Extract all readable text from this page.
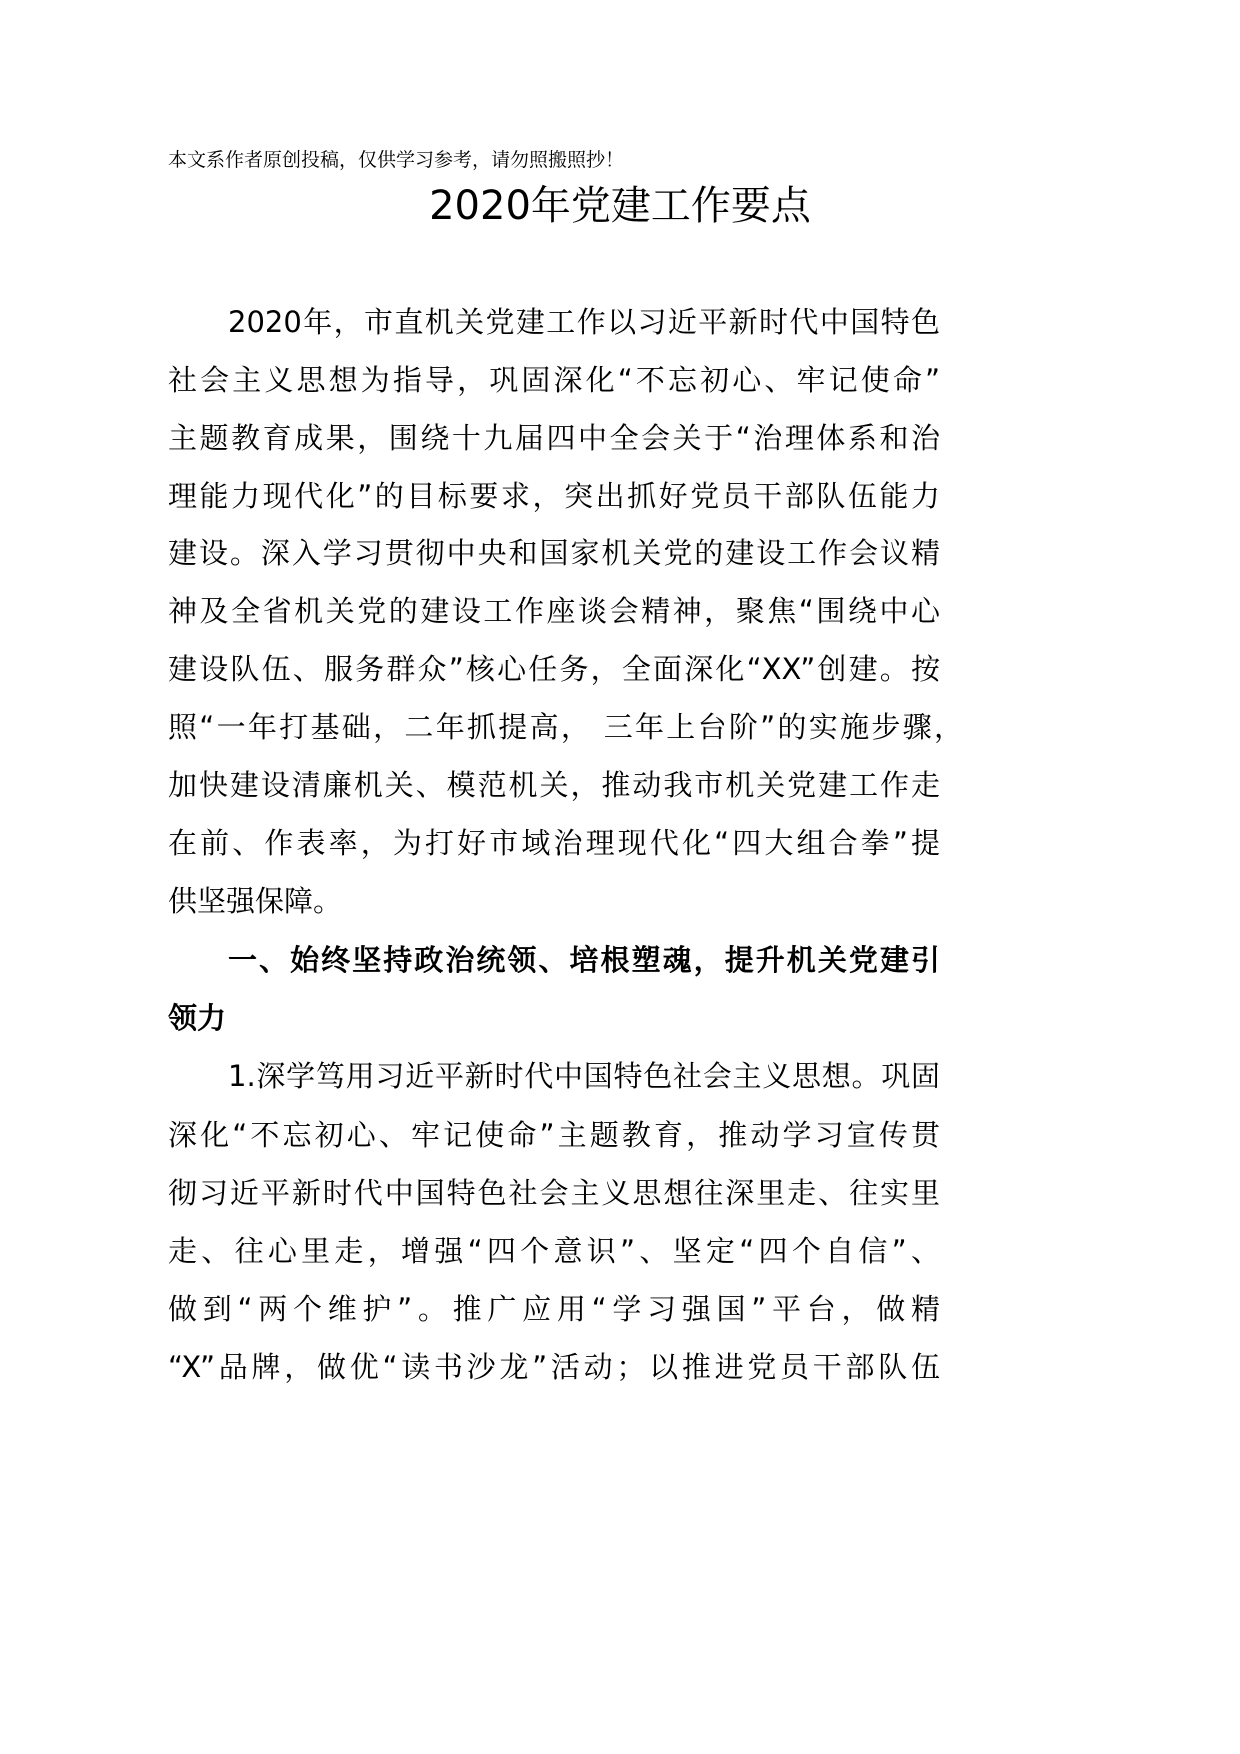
本文系作者原创投稿，仅供学习参考，请勿照搬照抄！
2020年党建工作要点
2020年，市直机关党建工作以习近平新时代中国特色
社会主义思想为指导，巩固深化“不忘初心、牢记使命”
主题教育成果，围绕十九届四中全会关于“治理体系和治
理能力现代化”的目标要求，突出抓好党员干部队伍能力
建设。深入学习贯彻中央和国家机关党的建设工作会议精
神及全省机关党的建设工作座谈会精神，聚焦“围绕中心
建设队伍、服务群众”核心任务，全面深化“XX”创建。按
照“一年打基础，二年抓提高， 三年上台阶”的实施步骤，
加快建设清廉机关、模范机关，推动我市机关党建工作走
在前、作表率，为打好市域治理现代化“四大组合拳”提
供坚强保障。
一、始终坚持政治统领、培根塑魂，提升机关党建引
领力
1.深学笃用习近平新时代中国特色社会主义思想。巩固
深化“不忘初心、牢记使命”主题教育，推动学习宣传贯
彻习近平新时代中国特色社会主义思想往深里走、往实里
走、往心里走，增强“四个意识”、坚定“四个自信”、
做到“两个维护”。推广应用“学习强国”平台，做精
“X”品牌，做优“读书沙龙”活动；以推进党员干部队伍
